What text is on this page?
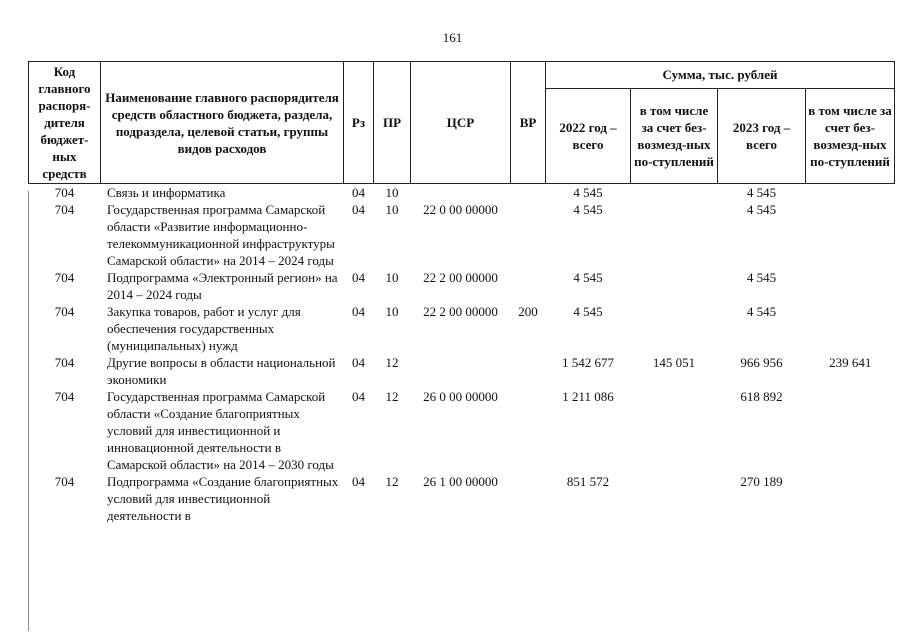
161
Код главного распоря-дителя бюджет-ных средств	Наименование главного распорядителя средств областного бюджета, раздела, подраздела, целевой статьи, группы видов расходов	Рз	ПР	ЦСР	ВР	Сумма, тыс. рублей			
						2022 год – всего	в том числе за счет без-возмезд-ных по-ступлений	2023 год – всего	в том числе за счет без-возмезд-ных по-ступлений
704	Связь и информатика	04	10			4 545		4 545	
704	Государственная программа Самарской области «Развитие информационно-телекоммуникационной инфраструктуры Самарской области» на 2014 – 2024 годы	04	10	22 0 00 00000		4 545		4 545	
704	Подпрограмма «Электронный регион» на 2014 – 2024 годы	04	10	22 2 00 00000		4 545		4 545	
704	Закупка товаров, работ и услуг для обеспечения государственных (муниципальных) нужд	04	10	22 2 00 00000	200	4 545		4 545	
704	Другие вопросы в области национальной экономики	04	12			1 542 677	145 051	966 956	239 641
704	Государственная программа Самарской области «Создание благоприятных условий для инвестиционной и инновационной деятельности в Самарской области» на 2014 – 2030 годы	04	12	26 0 00 00000		1 211 086		618 892	
704	Подпрограмма «Создание благоприятных условий для инвестиционной деятельности в	04	12	26 1 00 00000		851 572		270 189	
